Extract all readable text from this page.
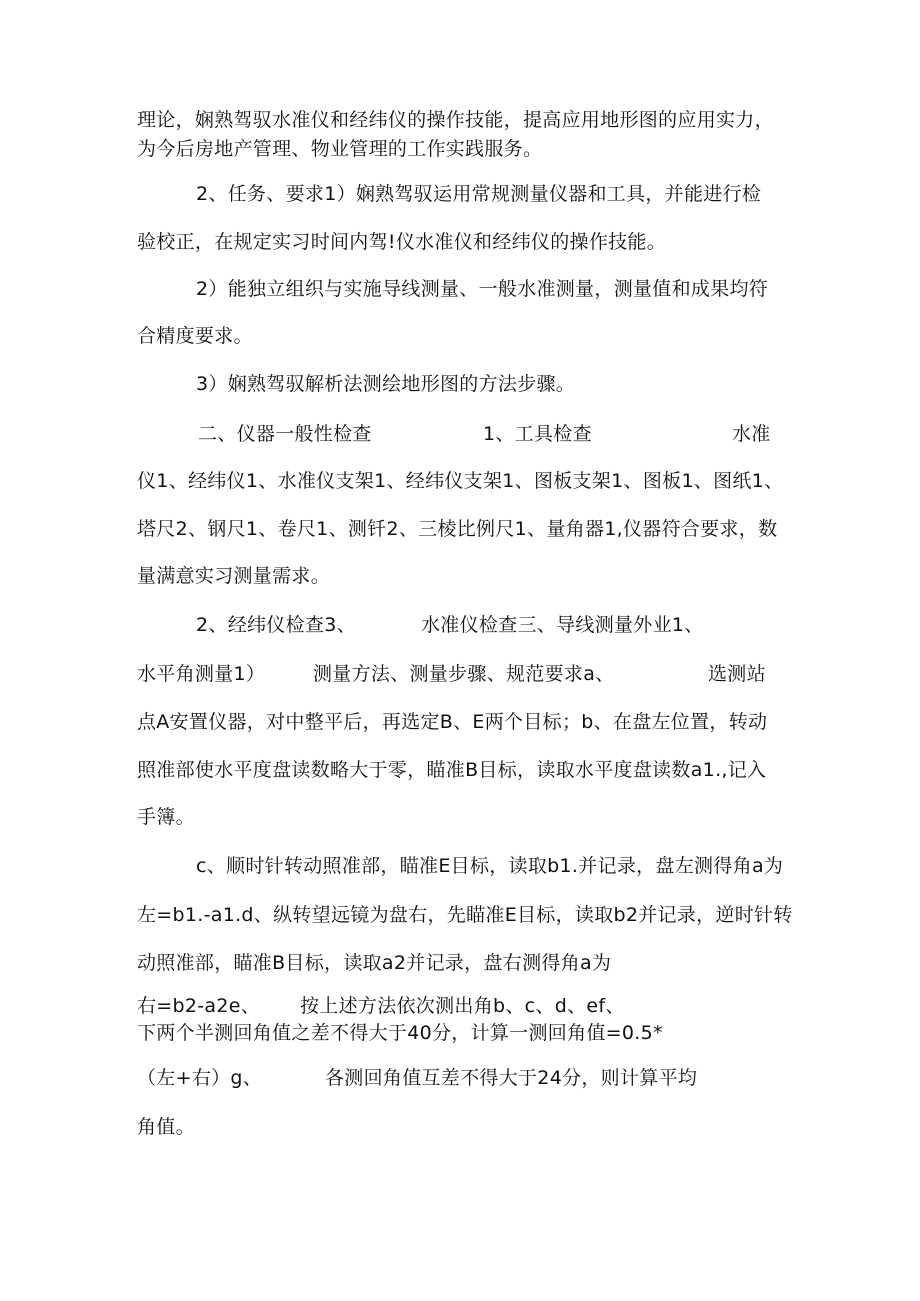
理论，娴熟驾驭水准仪和经纬仪的操作技能，提高应用地形图的应用实力，
为今后房地产管理、物业管理的工作实践服务。
2、任务、要求1）娴熟驾驭运用常规测量仪器和工具，并能进行检
验校正，在规定实习时间内驾!仪水准仪和经纬仪的操作技能。
2）能独立组织与实施导线测量、一般水准测量，测量值和成果均符
合精度要求。
3）娴熟驾驭解析法测绘地形图的方法步骤。
二、仪器一般性检查	1、工具检查	水准
仪1、经纬仪1、水准仪支架1、经纬仪支架1、图板支架1、图板1、图纸1、
塔尺2、钢尺1、卷尺1、测钎2、三棱比例尺1、量角器1,仪器符合要求，数
量满意实习测量需求。
2、经纬仪检查3、	水准仪检查三、导线测量外业1、
水平角测量1）	测量方法、测量步骤、规范要求a、	选测站
点A安置仪器，对中整平后，再选定B、E两个目标；b、在盘左位置，转动
照准部使水平度盘读数略大于零，瞄准B目标，读取水平度盘读数a1.,记入
手簿。
c、顺时针转动照准部，瞄准E目标，读取b1.并记录，盘左测得角a为
左=b1.-a1.d、纵转望远镜为盘右，先瞄准E目标，读取b2并记录，逆时针转
动照准部，瞄准B目标，读取a2并记录，盘右测得角a为
右=b2-a2e、 按上述方法依次测出角b、c、d、ef、
下两个半测回角值之差不得大于40分，计算一测回角值=0.5*
（左+右）g、	各测回角值互差不得大于24分，则计算平均
角值。
